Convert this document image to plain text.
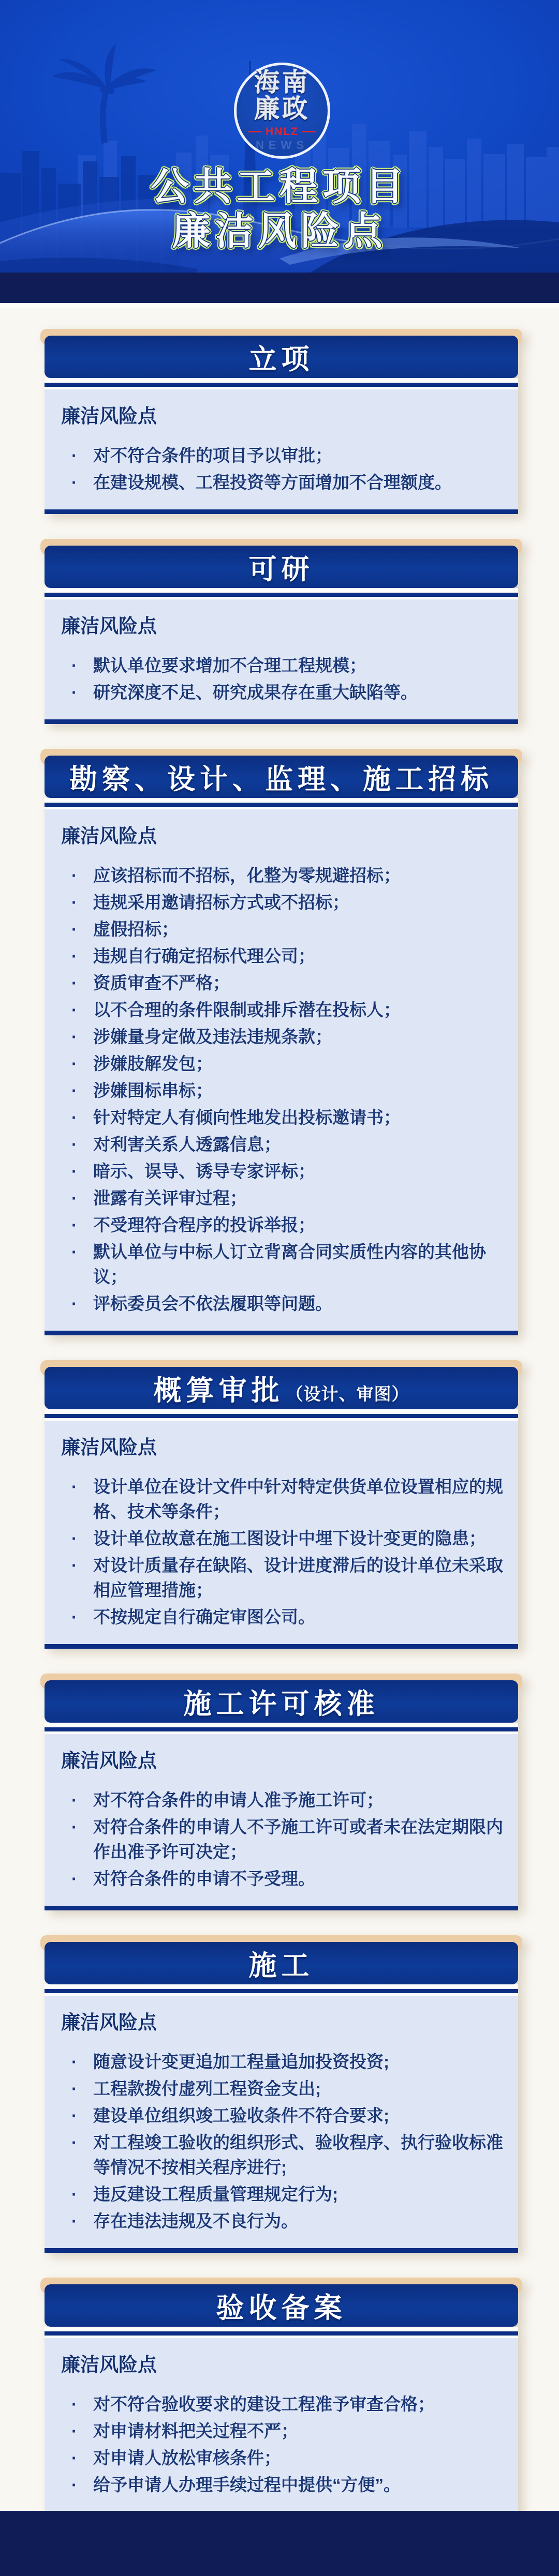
海南
廉政
HNLZ
NEWS
公共工程项目
廉洁风险点
立项
廉洁风险点
· 对不符合条件的项目予以审批；
· 在建设规模、工程投资等方面增加不合理额度。
可研
廉洁风险点
· 默认单位要求增加不合理工程规模；
· 研究深度不足、研究成果存在重大缺陷等。
勘察、设计、监理、施工招标
廉洁风险点
· 应该招标而不招标，化整为零规避招标；
· 违规采用邀请招标方式或不招标；
· 虚假招标；
· 违规自行确定招标代理公司；
· 资质审查不严格；
· 以不合理的条件限制或排斥潜在投标人；
· 涉嫌量身定做及违法违规条款；
· 涉嫌肢解发包；
· 涉嫌围标串标；
· 针对特定人有倾向性地发出投标邀请书；
· 对利害关系人透露信息；
· 暗示、误导、诱导专家评标；
· 泄露有关评审过程；
· 不受理符合程序的投诉举报；
· 默认单位与中标人订立背离合同实质性内容的其他协议；
· 评标委员会不依法履职等问题。
概算审批 （设计、审图）
廉洁风险点
· 设计单位在设计文件中针对特定供货单位设置相应的规格、技术等条件；
· 设计单位故意在施工图设计中埋下设计变更的隐患；
· 对设计质量存在缺陷、设计进度滞后的设计单位未采取相应管理措施；
· 不按规定自行确定审图公司。
施工许可核准
廉洁风险点
· 对不符合条件的申请人准予施工许可；
· 对符合条件的申请人不予施工许可或者未在法定期限内作出准予许可决定；
· 对符合条件的申请不予受理。
施工
廉洁风险点
· 随意设计变更追加工程量追加投资投资;
· 工程款拨付虚列工程资金支出;
· 建设单位组织竣工验收条件不符合要求;
· 对工程竣工验收的组织形式、验收程序、执行验收标准等情况不按相关程序进行;
· 违反建设工程质量管理规定行为;
· 存在违法违规及不良行为。
验收备案
廉洁风险点
· 对不符合验收要求的建设工程准予审查合格；
· 对申请材料把关过程不严；
· 对申请人放松审核条件；
· 给予申请人办理手续过程中提供“方便”。
